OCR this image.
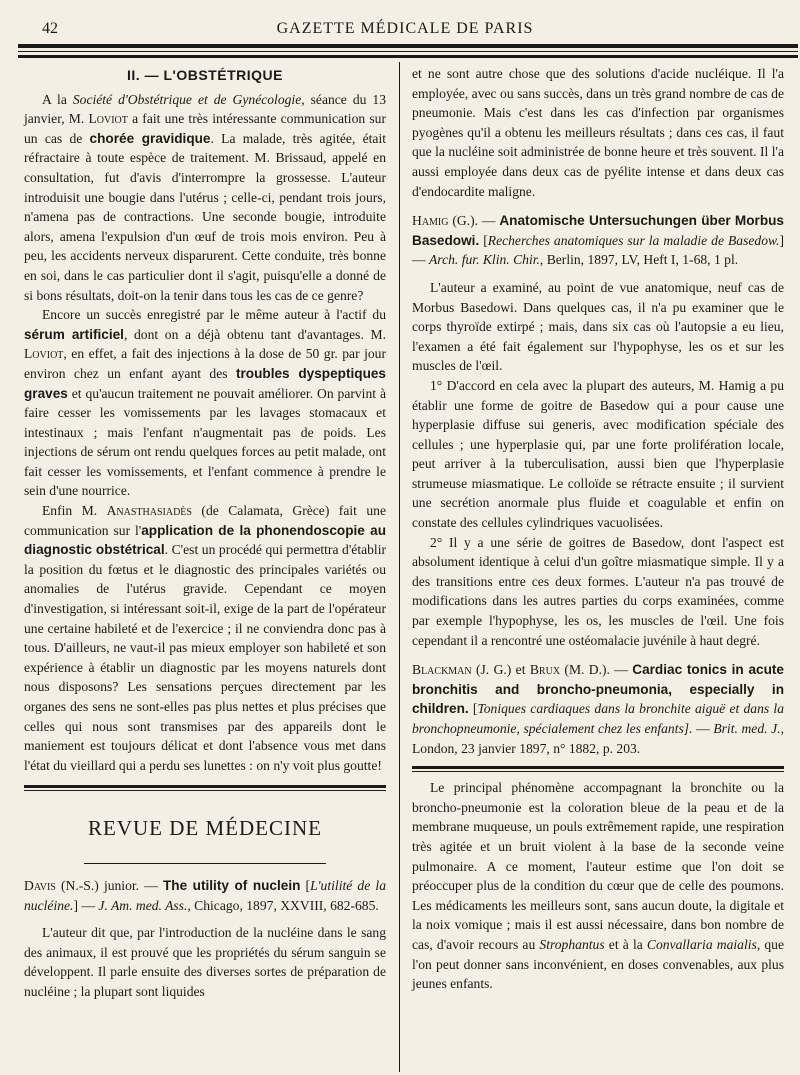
42	GAZETTE MÉDICALE DE PARIS
II. — L'OBSTÉTRIQUE

A la Société d'Obstétrique et de Gynécologie, séance du 13 janvier, M. Loviot a fait une très intéressante communication sur un cas de chorée gravidique. La malade, très agitée, était réfractaire à toute espèce de traitement. M. Brissaud, appelé en consultation, fut d'avis d'interrompre la grossesse. L'auteur introduisit une bougie dans l'utérus ; celle-ci, pendant trois jours, n'amena pas de contractions. Une seconde bougie, introduite alors, amena l'expulsion d'un œuf de trois mois environ. Peu à peu, les accidents nerveux disparurent. Cette conduite, très bonne en soi, dans le cas particulier dont il s'agit, puisqu'elle a donné de si bons résultats, doit-on la tenir dans tous les cas de ce genre?

Encore un succès enregistré par le même auteur à l'actif du sérum artificiel, dont on a déjà obtenu tant d'avantages. M. Loviot, en effet, a fait des injections à la dose de 50 gr. par jour environ chez un enfant ayant des troubles dyspeptiques graves et qu'aucun traitement ne pouvait améliorer. On parvint à faire cesser les vomissements par les lavages stomacaux et intestinaux ; mais l'enfant n'augmentait pas de poids. Les injections de sérum ont rendu quelques forces au petit malade, ont fait cesser les vomissements, et l'enfant commence à prendre le sein d'une nourrice.

Enfin M. Anasthasiadès (de Calamata, Grèce) fait une communication sur l'application de la phonendoscopie au diagnostic obstétrical. C'est un procédé qui permettra d'établir la position du fœtus et le diagnostic des principales variétés ou anomalies de l'utérus gravide. Cependant ce moyen d'investigation, si intéressant soit-il, exige de la part de l'opérateur une certaine habileté et de l'exercice ; il ne conviendra donc pas à tous. D'ailleurs, ne vaut-il pas mieux employer son habileté et son expérience à établir un diagnostic par les moyens naturels dont nous disposons? Les sensations perçues directement par les organes des sens ne sont-elles pas plus nettes et plus précises que celles qui nous sont transmises par des appareils dont le maniement est toujours délicat et dont l'absence vous met dans l'état du vieillard qui a perdu ses lunettes : on n'y voit plus goutte!

REVUE DE MÉDECINE

Davis (N.-S.) junior. — The utility of nuclein [L'utilité de la nucléine.] — J. Am. med. Ass., Chicago, 1897, XXVIII, 682-685.

L'auteur dit que, par l'introduction de la nucléine dans le sang des animaux, il est prouvé que les propriétés du sérum sanguin se développent. Il parle ensuite des diverses sortes de préparation de nucléine ; la plupart sont liquides

et ne sont autre chose que des solutions d'acide nucléique. Il l'a employée, avec ou sans succès, dans un très grand nombre de cas de pneumonie. Mais c'est dans les cas d'infection par organismes pyogènes qu'il a obtenu les meilleurs résultats ; dans ces cas, il faut que la nucléine soit administrée de bonne heure et très souvent. Il l'a aussi employée dans deux cas de pyélite intense et dans deux cas d'endocardite maligne.

Hamig (G.). — Anatomische Untersuchungen über Morbus Basedowi. [Recherches anatomiques sur la maladie de Basedow.] — Arch. fur. Klin. Chir., Berlin, 1897, LV, Heft I, 1-68, 1 pl.

L'auteur a examiné, au point de vue anatomique, neuf cas de Morbus Basedowi. Dans quelques cas, il n'a pu examiner que le corps thyroïde extirpé ; mais, dans six cas où l'autopsie a eu lieu, l'examen a été fait également sur l'hypophyse, les os et sur les muscles de l'œil.

1° D'accord en cela avec la plupart des auteurs, M. Hamig a pu établir une forme de goitre de Basedow qui a pour cause une hyperplasie diffuse sui generis, avec modification spéciale des cellules ; une hyperplasie qui, par une forte prolifération locale, peut arriver à la tuberculisation, aussi bien que l'hyperplasie strumeuse miasmatique. Le colloïde se rétracte ensuite ; il survient une secrétion anormale plus fluide et coagulable et enfin on constate des cellules cylindriques vacuolisées.

2° Il y a une série de goitres de Basedow, dont l'aspect est absolument identique à celui d'un goître miasmatique simple. Il y a des transitions entre ces deux formes. L'auteur n'a pas trouvé de modifications dans les autres parties du corps examinées, comme par exemple l'hypophyse, les os, les muscles de l'œil. Une fois cependant il a rencontré une ostéomalacie juvénile à haut degré.

Blackman (J. G.) et Brux (M. D.). — Cardiac tonics in acute bronchitis and broncho-pneumonia, especially in children. [Toniques cardiaques dans la bronchite aiguë et dans la bronchopneumonie, spécialement chez les enfants]. — Brit. med. J., London, 23 janvier 1897, n° 1882, p. 203.

Le principal phénomène accompagnant la bronchite ou la broncho-pneumonie est la coloration bleue de la peau et de la membrane muqueuse, un pouls extrêmement rapide, une respiration très agitée et un bruit violent à la base de la seconde veine pulmonaire. A ce moment, l'auteur estime que l'on doit se préoccuper plus de la condition du cœur que de celle des poumons. Les médicaments les meilleurs sont, sans aucun doute, la digitale et la noix vomique ; mais il est aussi nécessaire, dans bon nombre de cas, d'avoir recours au Strophantus et à la Convallaria maialis, que l'on peut donner sans inconvénient, en doses convenables, aux plus jeunes enfants.
